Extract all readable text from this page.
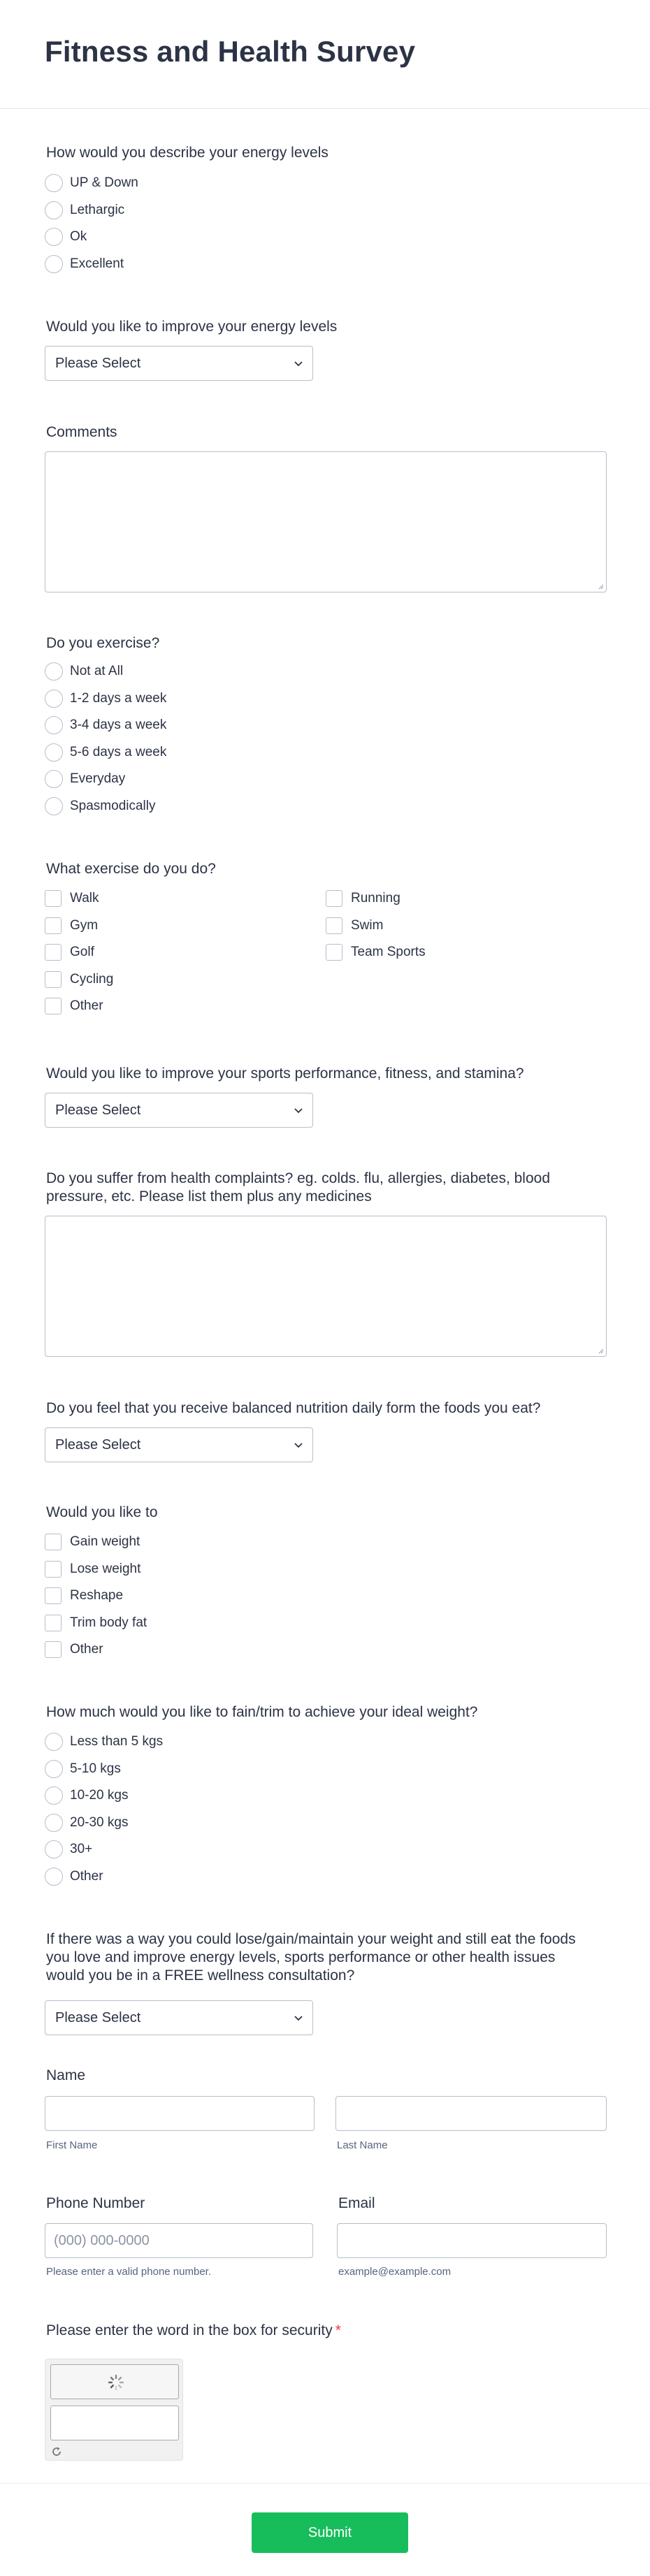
Fitness and Health Survey

How would you describe your energy levels

UP & Down
Lethargic
Ok
Excellent

Would you like to improve your energy levels

Please Select

Comments

Do you exercise?

Not at All
1-2 days a week
3-4 days a week
5-6 days a week
Everyday
Spasmodically

What exercise do you do?

Walk
Gym
Golf
Cycling
Other
Running
Swim
Team Sports

Would you like to improve your sports performance, fitness, and stamina?

Please Select

Do you suffer from health complaints? eg. colds. flu, allergies, diabetes, blood
pressure, etc. Please list them plus any medicines

Do you feel that you receive balanced nutrition daily form the foods you eat?

Please Select

Would you like to

Gain weight
Lose weight
Reshape
Trim body fat
Other

How much would you like to fain/trim to achieve your ideal weight?

Less than 5 kgs
5-10 kgs
10-20 kgs
20-30 kgs
30+
Other

If there was a way you could lose/gain/maintain your weight and still eat the foods
you love and improve energy levels, sports performance or other health issues
would you be in a FREE wellness consultation?

Please Select

Name

First Name	Last Name

Phone Number	Email

(000) 000-0000
Please enter a valid phone number.	example@example.com

Please enter the word in the box for security *

Submit
